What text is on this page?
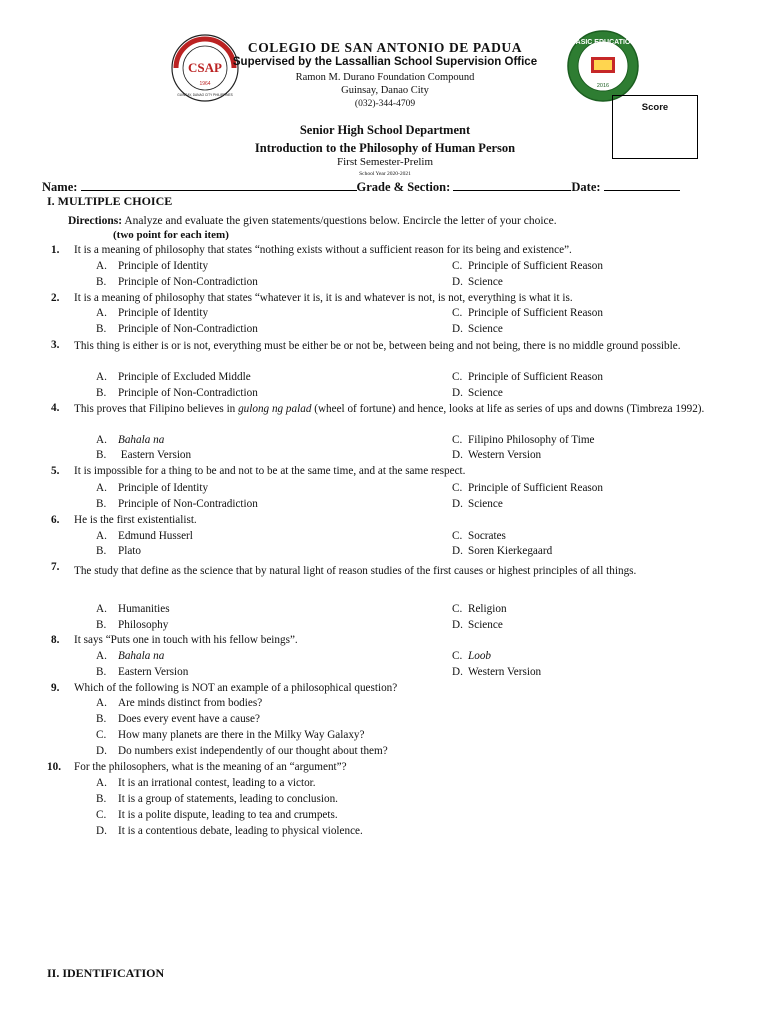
CSAP
1964
GUINSAY, DANAO CITY PHILIPPINES
BASIC EDUCATION
2016
COLEGIO DE SAN ANTONIO DE PADUA
Supervised by the Lassallian School Supervision Office
Ramon M. Durano Foundation Compound
Guinsay, Danao City
(032)-344-4709	Score
Senior High School Department
Introduction to the Philosophy of Human Person
First Semester-Prelim
School Year 2020-2021
Name:	Grade & Section:	Date:
I. MULTIPLE CHOICE
Directions: Analyze and evaluate the given statements/questions below. Encircle the letter of your choice.
(two point for each item)
1. It is a meaning of philosophy that states “nothing exists without a sufficient reason for its being and existence”.
A. Principle of Identity
B. Principle of Non-Contradiction
C. Principle of Sufficient Reason
D. Science
2. It is a meaning of philosophy that states “whatever it is, it is and whatever is not, is not, everything is what it is.
A. Principle of Identity
B. Principle of Non-Contradiction
C. Principle of Sufficient Reason
D. Science
3. This thing is either is or is not, everything must be either be or not be, between being and not being, there is no middle ground possible.
A. Principle of Excluded Middle
B. Principle of Non-Contradiction
C. Principle of Sufficient Reason
D. Science
4. This proves that Filipino believes in gulong ng palad (wheel of fortune) and hence, looks at life as series of ups and downs (Timbreza 1992).
A. Bahala na
B. Eastern Version
C. Filipino Philosophy of Time
D. Western Version
5. It is impossible for a thing to be and not to be at the same time, and at the same respect.
A. Principle of Identity
B. Principle of Non-Contradiction
C. Principle of Sufficient Reason
D. Science
6. He is the first existentialist.
A. Edmund Husserl
B. Plato
C. Socrates
D. Soren Kierkegaard
7. The study that define as the science that by natural light of reason studies of the first causes or highest principles of all things.
A. Humanities
B. Philosophy
C. Religion
D. Science
8. It says “Puts one in touch with his fellow beings”.
A. Bahala na
B. Eastern Version
C. Loob
D. Western Version
9. Which of the following is NOT an example of a philosophical question?
A. Are minds distinct from bodies?
B. Does every event have a cause?
C. How many planets are there in the Milky Way Galaxy?
D. Do numbers exist independently of our thought about them?
10. For the philosophers, what is the meaning of an “argument”?
A. It is an irrational contest, leading to a victor.
B. It is a group of statements, leading to conclusion.
C. It is a polite dispute, leading to tea and crumpets.
D. It is a contentious debate, leading to physical violence.
II. IDENTIFICATION
